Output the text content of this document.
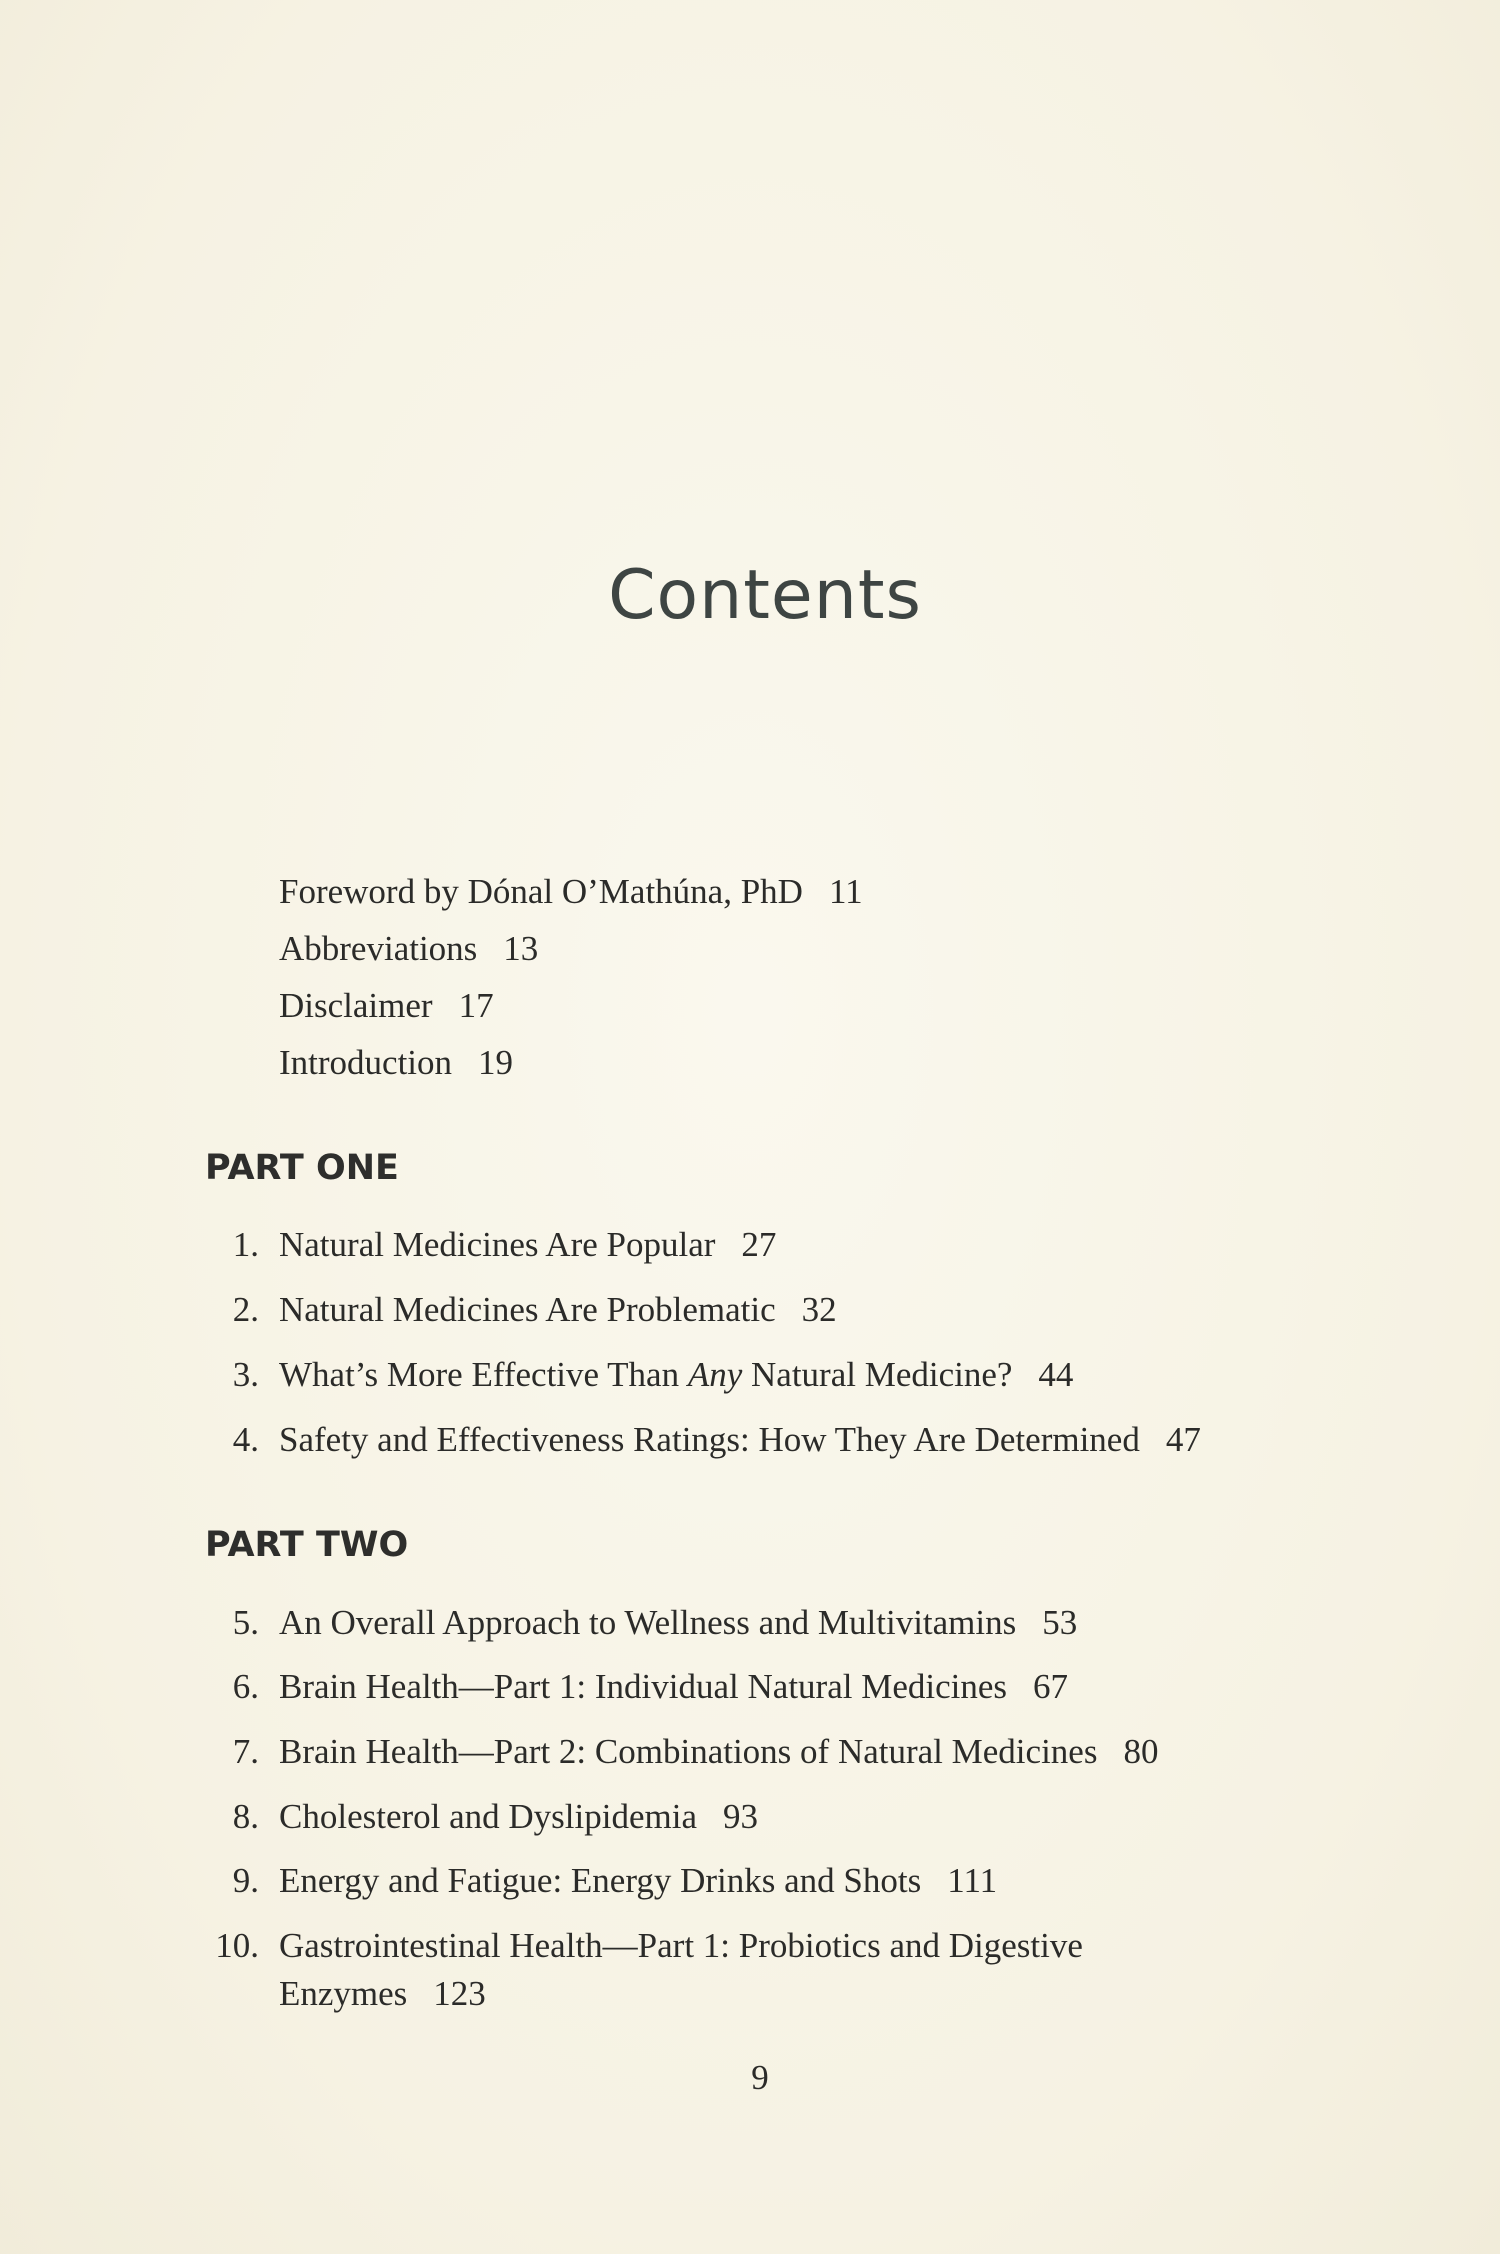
Contents
Foreword by Dónal O’Mathúna, PhD 11
Abbreviations 13
Disclaimer 17
Introduction 19
PART ONE
1. Natural Medicines Are Popular 27
2. Natural Medicines Are Problematic 32
3. What’s More Effective Than Any Natural Medicine? 44
4. Safety and Effectiveness Ratings: How They Are Determined 47
PART TWO
5. An Overall Approach to Wellness and Multivitamins 53
6. Brain Health—Part 1: Individual Natural Medicines 67
7. Brain Health—Part 2: Combinations of Natural Medicines 80
8. Cholesterol and Dyslipidemia 93
9. Energy and Fatigue: Energy Drinks and Shots 111
10. Gastrointestinal Health—Part 1: Probiotics and Digestive
Enzymes 123
9
